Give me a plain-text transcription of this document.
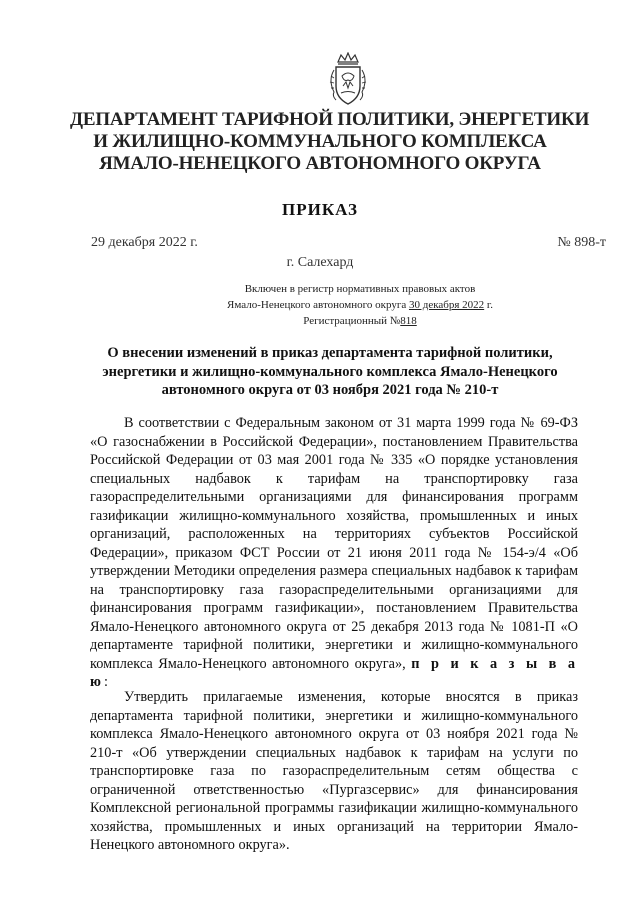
ДЕПАРТАМЕНТ ТАРИФНОЙ ПОЛИТИКИ, ЭНЕРГЕТИКИ
И ЖИЛИЩНО-КОММУНАЛЬНОГО КОМПЛЕКСА
ЯМАЛО-НЕНЕЦКОГО АВТОНОМНОГО ОКРУГА
ПРИКАЗ
29 декабря 2022 г.	№ 898-т
г. Салехард
Включен в регистр нормативных правовых актов
Ямало-Ненецкого автономного округа 30 декабря 2022 г.
Регистрационный №818
О внесении изменений в приказ департамента тарифной политики, энергетики и жилищно-коммунального комплекса Ямало-Ненецкого автономного округа от 03 ноября 2021 года № 210-т
В соответствии с Федеральным законом от 31 марта 1999 года № 69-ФЗ «О газоснабжении в Российской Федерации», постановлением Правительства Российской Федерации от 03 мая 2001 года № 335 «О порядке установления специальных надбавок к тарифам на транспортировку газа газораспределительными организациями для финансирования программ газификации жилищно-коммунального хозяйства, промышленных и иных организаций, расположенных на территориях субъектов Российской Федерации», приказом ФСТ России от 21 июня 2011 года № 154-э/4 «Об утверждении Методики определения размера специальных надбавок к тарифам на транспортировку газа газораспределительными организациями для финансирования программ газификации», постановлением Правительства Ямало-Ненецкого автономного округа от 25 декабря 2013 года № 1081-П «О департаменте тарифной политики, энергетики и жилищно-коммунального комплекса Ямало-Ненецкого автономного округа», п р и к а з ы в а ю:
Утвердить прилагаемые изменения, которые вносятся в приказ департамента тарифной политики, энергетики и жилищно-коммунального комплекса Ямало-Ненецкого автономного округа от 03 ноября 2021 года № 210-т «Об утверждении специальных надбавок к тарифам на услуги по транспортировке газа по газораспределительным сетям общества с ограниченной ответственностью «Пургазсервис» для финансирования Комплексной региональной программы газификации жилищно-коммунального хозяйства, промышленных и иных организаций на территории Ямало-Ненецкого автономного округа».
